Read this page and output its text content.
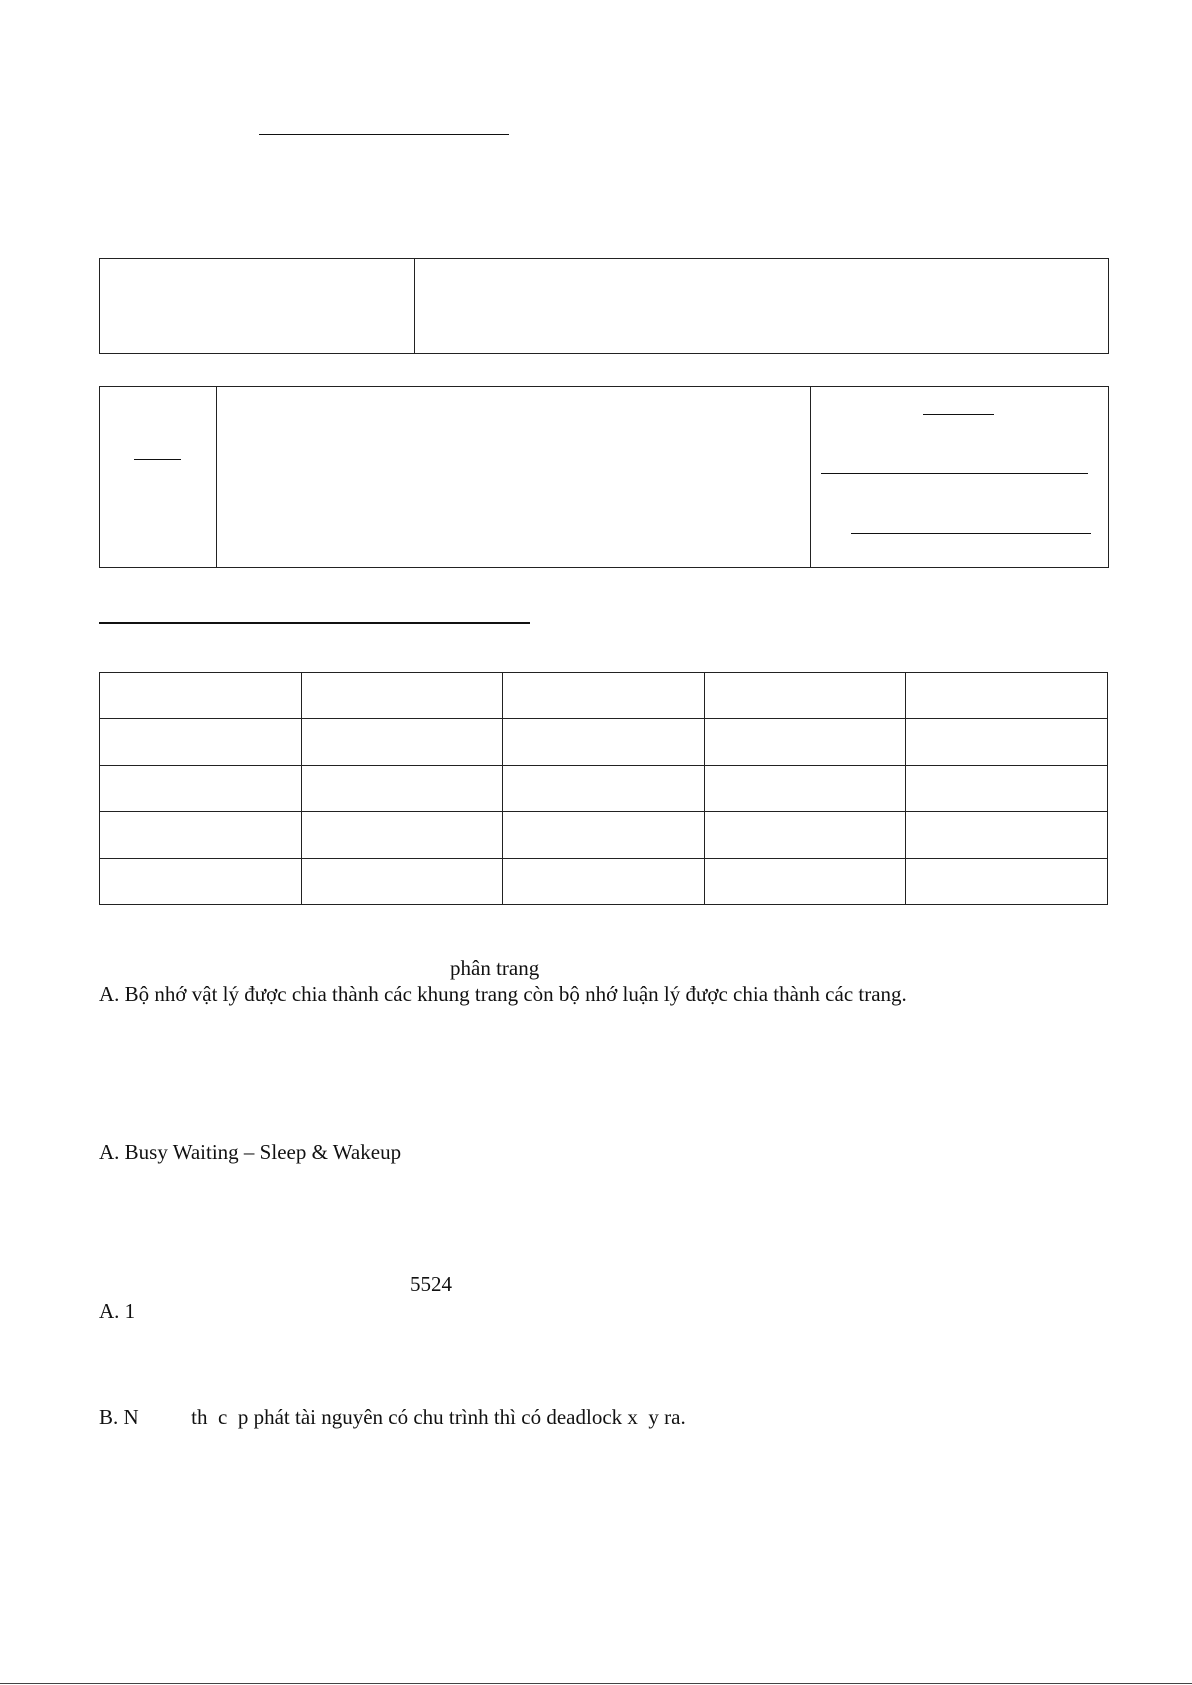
phân trang
A. Bộ nhớ vật lý được chia thành các khung trang còn bộ nhớ luận lý được chia thành các trang.
A. Busy Waiting – Sleep & Wakeup
5524
A. 1
B. N          th  c  p phát tài nguyên có chu trình thì có deadlock x  y ra.
